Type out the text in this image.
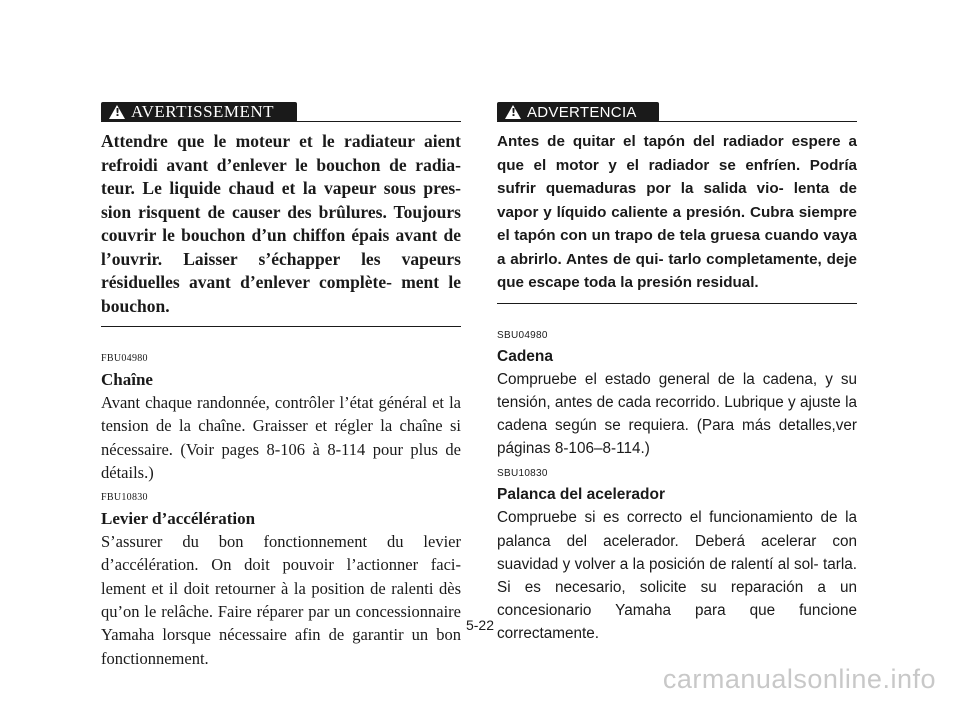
!
AVERTISSEMENT

Attendre que le moteur et le radiateur aient refroidi avant d’enlever le bouchon de radia- teur. Le liquide chaud et la vapeur sous pres- sion risquent de causer des brûlures. Toujours couvrir le bouchon d’un chiffon épais avant de l’ouvrir. Laisser s’échapper les vapeurs résiduelles avant d’enlever complète- ment le bouchon.

FBU04980
Chaîne

Avant chaque randonnée, contrôler l’état général et la tension de la chaîne. Graisser et régler la chaîne si nécessaire. (Voir pages 8-106 à 8-114 pour plus de détails.)

FBU10830
Levier d’accélération

S’assurer du bon fonctionnement du levier d’accélération. On doit pouvoir l’actionner faci- lement et il doit retourner à la position de ralenti dès qu’on le relâche. Faire réparer par un concessionnaire Yamaha lorsque nécessaire afin de garantir un bon fonctionnement.

!
ADVERTENCIA

Antes de quitar el tapón del radiador espere a que el motor y el radiador se enfríen. Podría sufrir quemaduras por la salida vio- lenta de vapor y líquido caliente a presión. Cubra siempre el tapón con un trapo de tela gruesa cuando vaya a abrirlo. Antes de qui- tarlo completamente, deje que escape toda la presión residual.

SBU04980
Cadena

Compruebe el estado general de la cadena, y su tensión, antes de cada recorrido. Lubrique y ajuste la cadena según se requiera. (Para más detalles,ver páginas 8-106–8-114.)

SBU10830
Palanca del acelerador

Compruebe si es correcto el funcionamiento de la palanca del acelerador. Deberá acelerar con suavidad y volver a la posición de ralentí al sol- tarla. Si es necesario, solicite su reparación a un concesionario Yamaha para que funcione correctamente.

5-22
carmanualsonline.info
